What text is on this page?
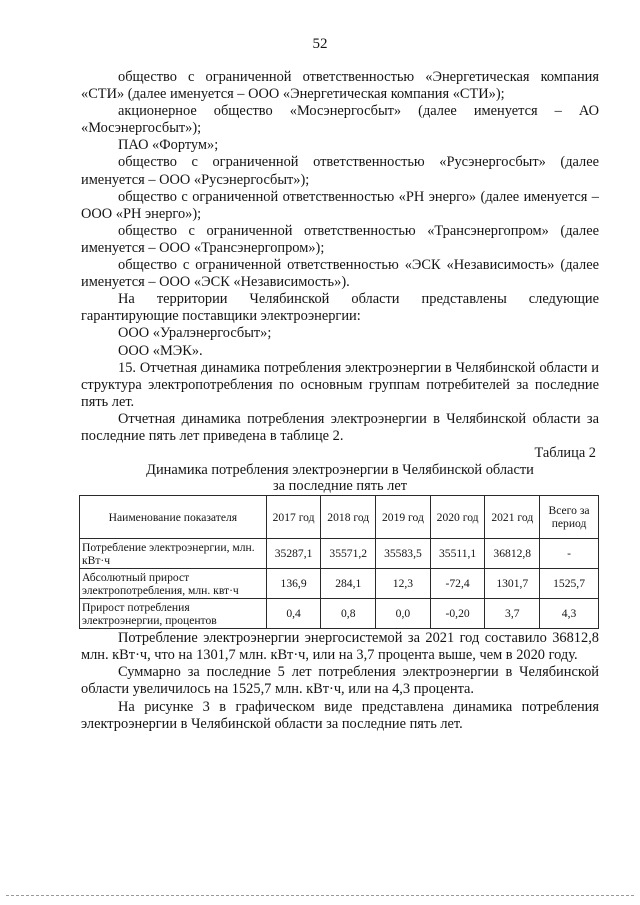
52

общество с ограниченной ответственностью «Энергетическая компания «СТИ» (далее именуется – ООО «Энергетическая компания «СТИ»);

акционерное общество «Мосэнергосбыт» (далее именуется – АО «Мосэнергосбыт»);

ПАО «Фортум»;

общество с ограниченной ответственностью «Русэнергосбыт» (далее именуется – ООО «Русэнергосбыт»);

общество с ограниченной ответственностью «РН энерго» (далее именуется – ООО «РН энерго»);

общество с ограниченной ответственностью «Трансэнергопром» (далее именуется – ООО «Трансэнергопром»);

общество с ограниченной ответственностью «ЭСК «Независимость» (далее именуется – ООО «ЭСК «Независимость»).

На территории Челябинской области представлены следующие гарантирующие поставщики электроэнергии:

ООО «Уралэнергосбыт»;

ООО «МЭК».

15. Отчетная динамика потребления электроэнергии в Челябинской области и структура электропотребления по основным группам потребителей за последние пять лет.

Отчетная динамика потребления электроэнергии в Челябинской области за последние пять лет приведена в таблице 2.

Таблица 2

Динамика потребления электроэнергии в Челябинской области

за последние пять лет

Наименование показателя	2017 год	2018 год	2019 год	2020 год	2021 год	Всего за период
Потребление электроэнергии, млн. кВт·ч	35287,1	35571,2	35583,5	35511,1	36812,8	-
Абсолютный прирост электропотребления, млн. квт·ч	136,9	284,1	12,3	-72,4	1301,7	1525,7
Прирост потребления электроэнергии, процентов	0,4	0,8	0,0	-0,20	3,7	4,3

Потребление электроэнергии энергосистемой за 2021 год составило 36812,8 млн. кВт·ч, что на 1301,7 млн. кВт·ч, или на 3,7 процента выше, чем в 2020 году.

Суммарно за последние 5 лет потребления электроэнергии в Челябинской области увеличилось на 1525,7 млн. кВт·ч, или на 4,3 процента.

На рисунке 3 в графическом виде представлена динамика потребления электроэнергии в Челябинской области за последние пять лет.
